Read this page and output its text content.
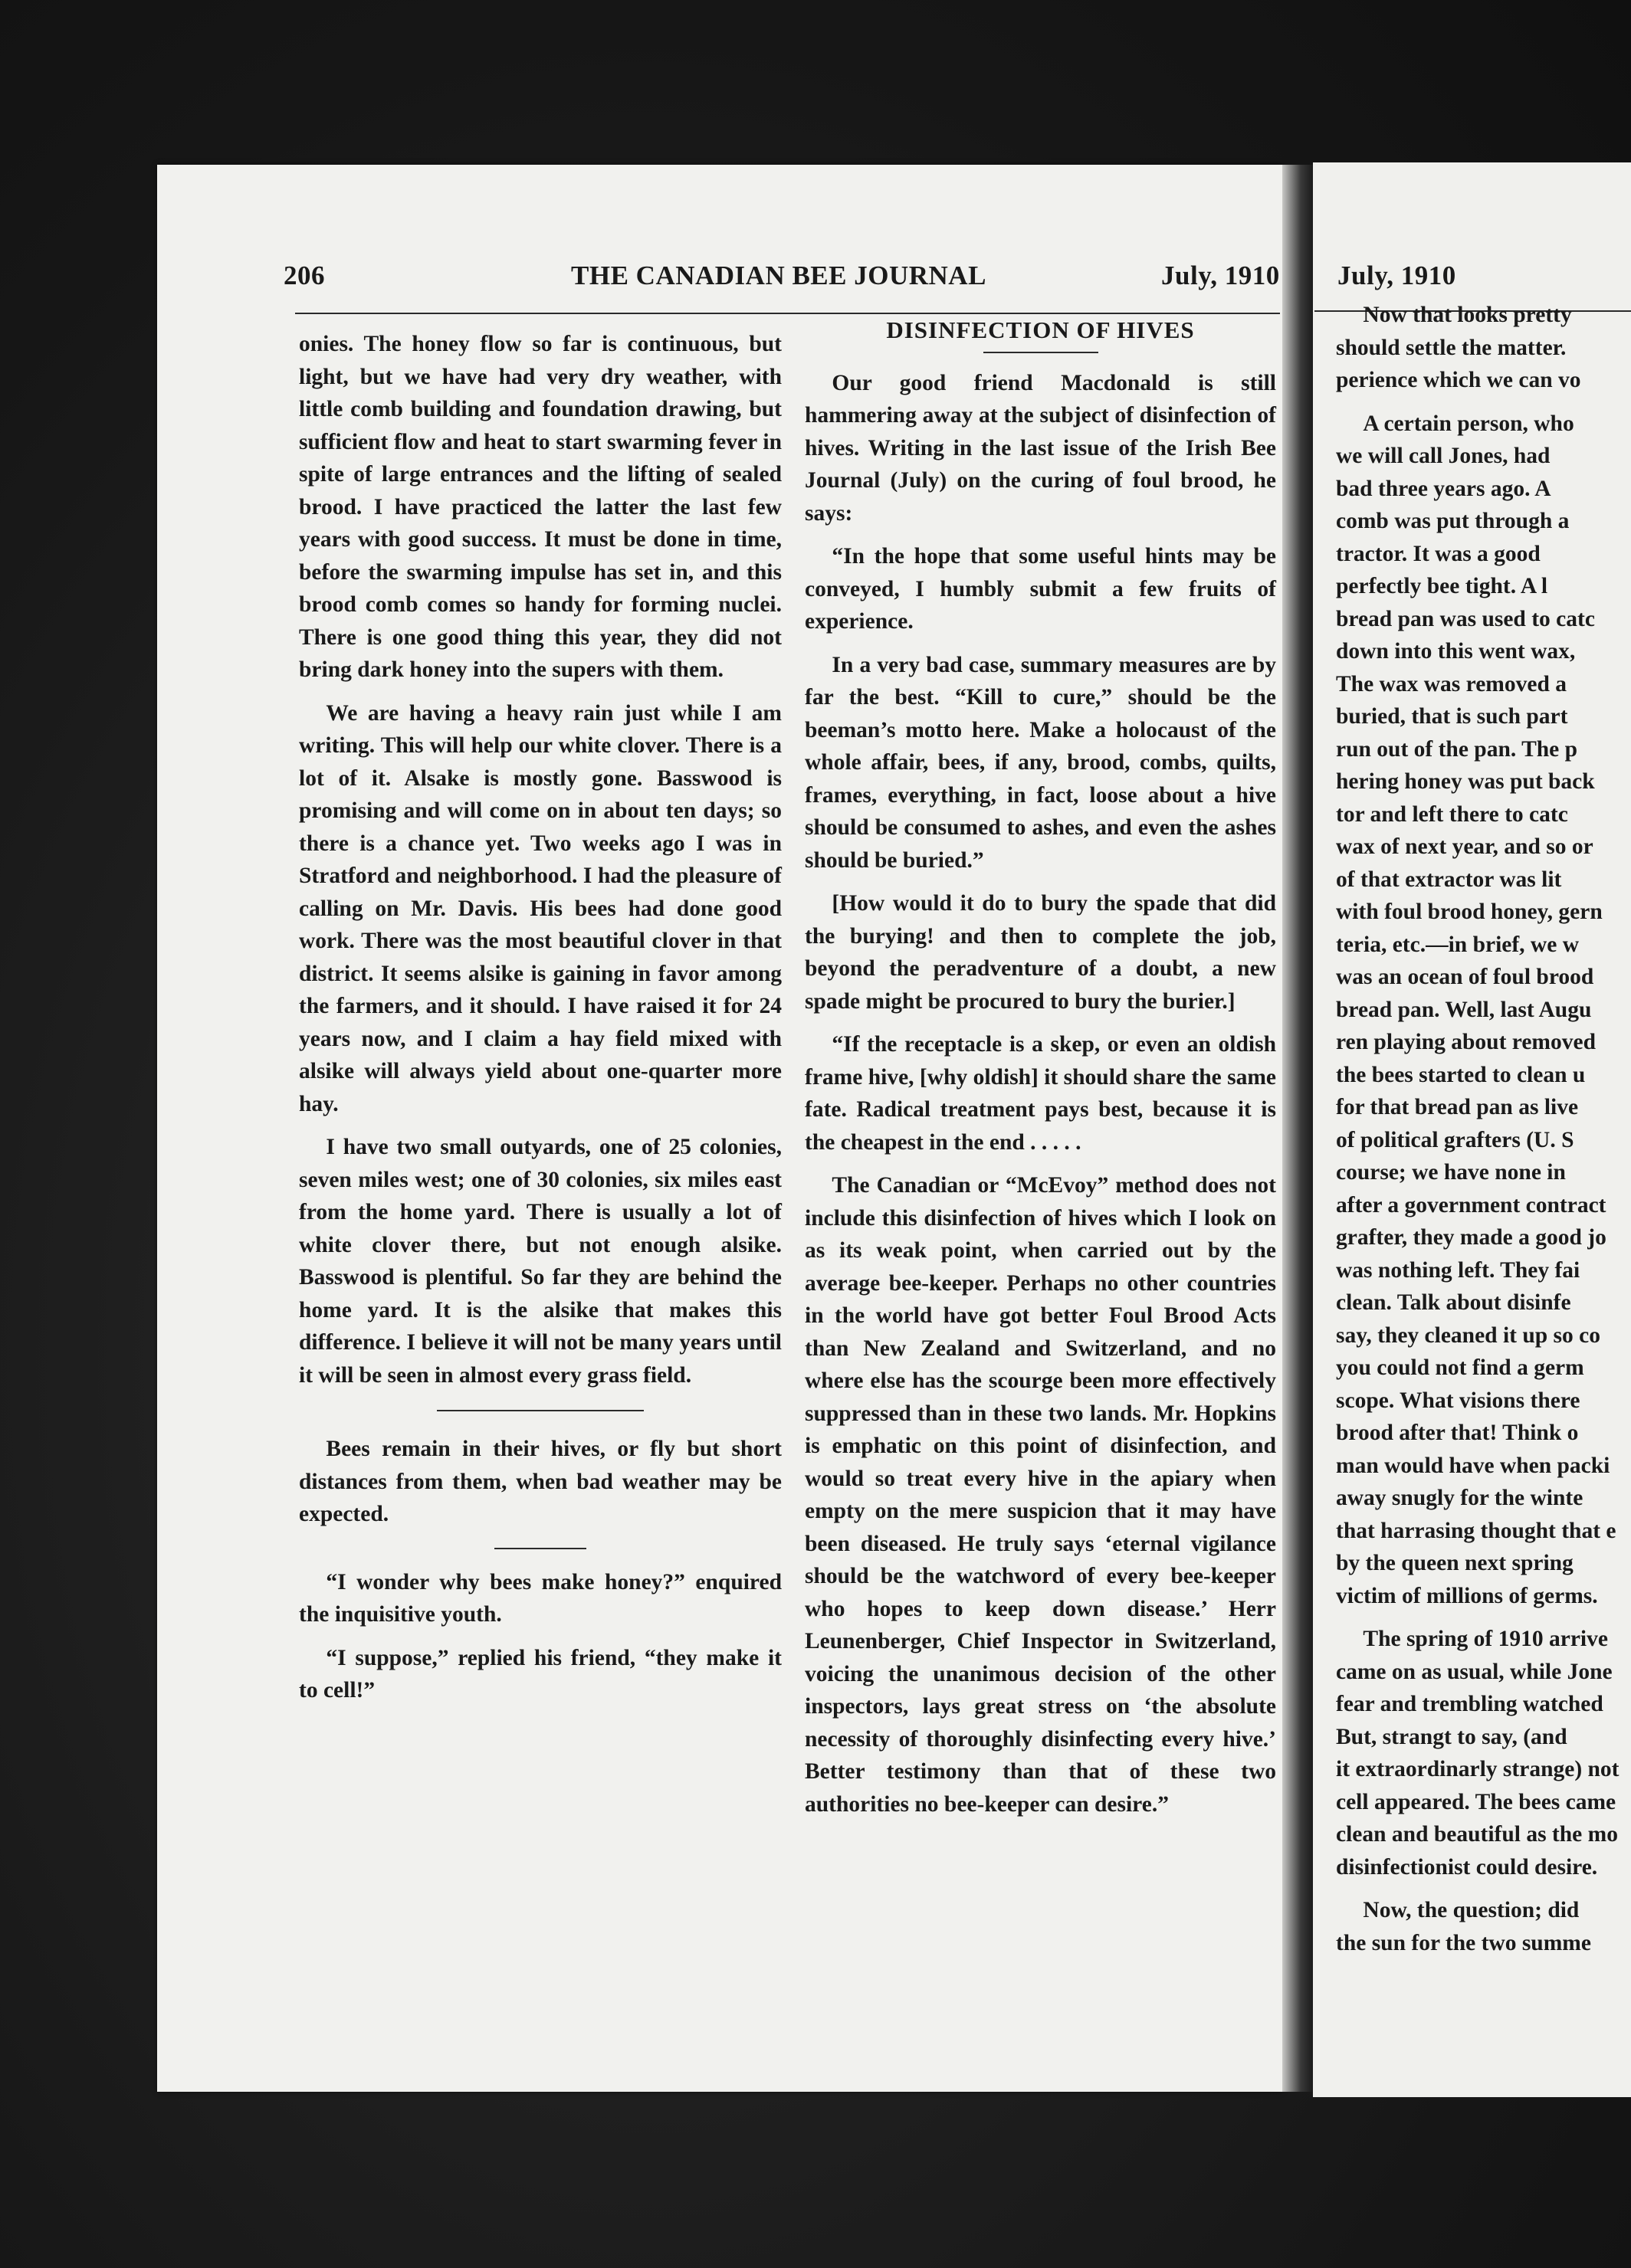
206	THE CANADIAN BEE JOURNAL	July, 1910

onies. The honey flow so far is continuous, but light, but we have had very dry weather, with little comb building and foundation drawing, but sufficient flow and heat to start swarming fever in spite of large entrances and the lifting of sealed brood. I have practiced the latter the last few years with good success. It must be done in time, before the swarming impulse has set in, and this brood comb comes so handy for forming nuclei. There is one good thing this year, they did not bring dark honey into the supers with them.

We are having a heavy rain just while I am writing. This will help our white clover. There is a lot of it. Alsake is mostly gone. Basswood is promising and will come on in about ten days; so there is a chance yet. Two weeks ago I was in Stratford and neighborhood. I had the pleasure of calling on Mr. Davis. His bees had done good work. There was the most beautiful clover in that district. It seems alsike is gaining in favor among the farmers, and it should. I have raised it for 24 years now, and I claim a hay field mixed with alsike will always yield about one-quarter more hay.

I have two small outyards, one of 25 colonies, seven miles west; one of 30 colonies, six miles east from the home yard. There is usually a lot of white clover there, but not enough alsike. Basswood is plentiful. So far they are behind the home yard. It is the alsike that makes this difference. I believe it will not be many years until it will be seen in almost every grass field.

Bees remain in their hives, or fly but short distances from them, when bad weather may be expected.

“I wonder why bees make honey?” enquired the inquisitive youth.

“I suppose,” replied his friend, “they make it to cell!”

DISINFECTION OF HIVES

Our good friend Macdonald is still hammering away at the subject of disinfection of hives. Writing in the last issue of the Irish Bee Journal (July) on the curing of foul brood, he says:

“In the hope that some useful hints may be conveyed, I humbly submit a few fruits of experience.

In a very bad case, summary measures are by far the best. “Kill to cure,” should be the beeman’s motto here. Make a holocaust of the whole affair, bees, if any, brood, combs, quilts, frames, everything, in fact, loose about a hive should be consumed to ashes, and even the ashes should be buried.”

[How would it do to bury the spade that did the burying! and then to complete the job, beyond the peradventure of a doubt, a new spade might be procured to bury the burier.]

“If the receptacle is a skep, or even an oldish frame hive, [why oldish] it should share the same fate. Radical treatment pays best, because it is the cheapest in the end . . . . .

The Canadian or “McEvoy” method does not include this disinfection of hives which I look on as its weak point, when carried out by the average bee-keeper. Perhaps no other countries in the world have got better Foul Brood Acts than New Zealand and Switzerland, and no where else has the scourge been more effectively suppressed than in these two lands. Mr. Hopkins is emphatic on this point of disinfection, and would so treat every hive in the apiary when empty on the mere suspicion that it may have been diseased. He truly says ‘eternal vigilance should be the watchword of every bee-keeper who hopes to keep down disease.’ Herr Leunenberger, Chief Inspector in Switzerland, voicing the unanimous decision of the other inspectors, lays great stress on ‘the absolute necessity of thoroughly disinfecting every hive.’ Better testimony than that of these two authorities no bee-keeper can desire.”

July, 1910

Now that looks pretty
should settle the matter.
perience which we can vo

A certain person, who
we will call Jones, had
bad three years ago. A
comb was put through a
tractor. It was a good
perfectly bee tight. A l
bread pan was used to catc
down into this went wax,
The wax was removed a
buried, that is such part
run out of the pan. The p
hering honey was put back
tor and left there to catc
wax of next year, and so or
of that extractor was lit
with foul brood honey, gern
teria, etc.—in brief, we w
was an ocean of foul brood
bread pan. Well, last Augu
ren playing about removed
the bees started to clean u
for that bread pan as live
of political grafters (U. S
course; we have none in
after a government contract
grafter, they made a good jo
was nothing left. They fai
clean. Talk about disinfe
say, they cleaned it up so co
you could not find a germ
scope. What visions there
brood after that! Think o
man would have when packi
away snugly for the winte
that harrasing thought that e
by the queen next spring
victim of millions of germs.

The spring of 1910 arrive
came on as usual, while Jone
fear and trembling watched
But, strangt to say, (and
it extraordinarly strange) not
cell appeared. The bees came
clean and beautiful as the mo
disinfectionist could desire.

Now, the question; did
the sun for the two summe
